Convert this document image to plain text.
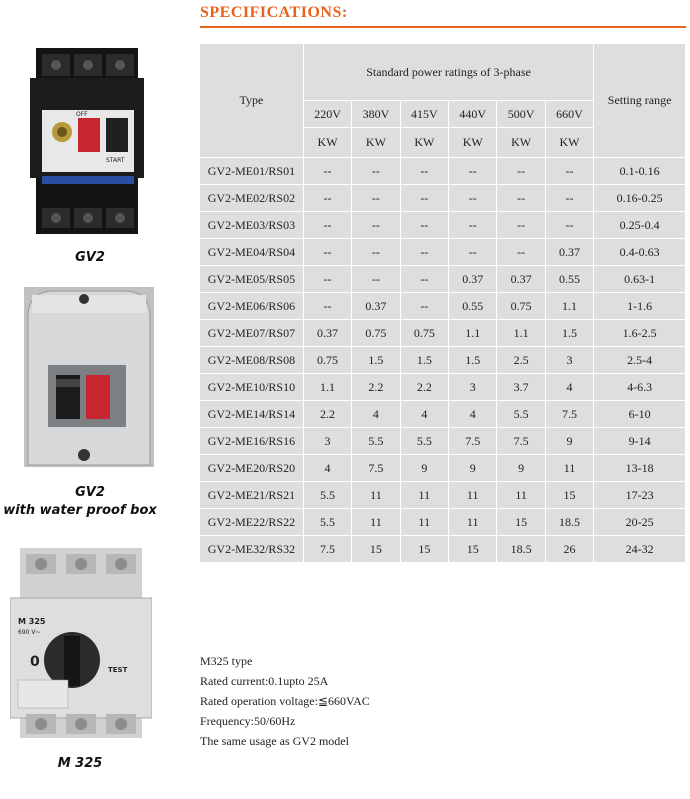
OFF
START
GV2
GV2
with water proof box
M 325
690 V~
0	TEST
M 325
SPECIFICATIONS:
Type	Standard power ratings of 3-phase						Setting range
	220V	380V	415V	440V	500V	660V	
	KW	KW	KW	KW	KW	KW	
GV2-ME01/RS01	--	--	--	--	--	--	0.1-0.16
GV2-ME02/RS02	--	--	--	--	--	--	0.16-0.25
GV2-ME03/RS03	--	--	--	--	--	--	0.25-0.4
GV2-ME04/RS04	--	--	--	--	--	0.37	0.4-0.63
GV2-ME05/RS05	--	--	--	0.37	0.37	0.55	0.63-1
GV2-ME06/RS06	--	0.37	--	0.55	0.75	1.1	1-1.6
GV2-ME07/RS07	0.37	0.75	0.75	1.1	1.1	1.5	1.6-2.5
GV2-ME08/RS08	0.75	1.5	1.5	1.5	2.5	3	2.5-4
GV2-ME10/RS10	1.1	2.2	2.2	3	3.7	4	4-6.3
GV2-ME14/RS14	2.2	4	4	4	5.5	7.5	6-10
GV2-ME16/RS16	3	5.5	5.5	7.5	7.5	9	9-14
GV2-ME20/RS20	4	7.5	9	9	9	11	13-18
GV2-ME21/RS21	5.5	11	11	11	11	15	17-23
GV2-ME22/RS22	5.5	11	11	11	15	18.5	20-25
GV2-ME32/RS32	7.5	15	15	15	18.5	26	24-32
M325 type
Rated current:0.1upto 25A
Rated operation voltage:≦660VAC
Frequency:50/60Hz
The same usage as GV2 model
